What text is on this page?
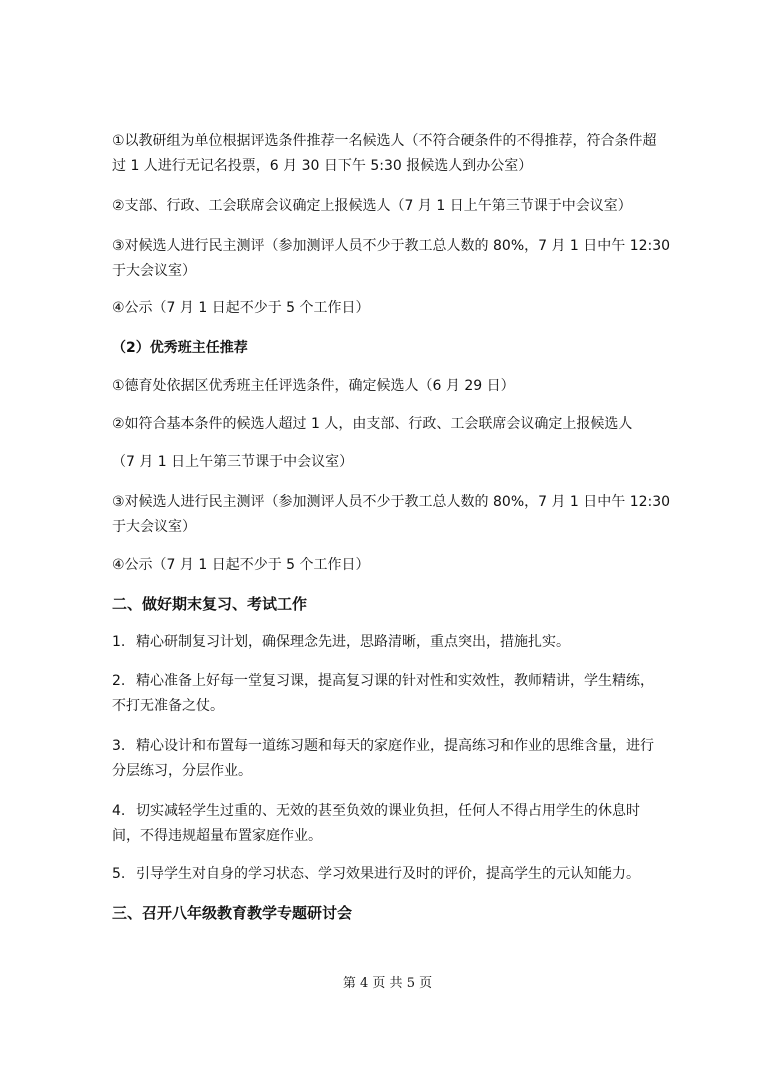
①以教研组为单位根据评选条件推荐一名候选人（不符合硬条件的不得推荐，符合条件超
过 1 人进行无记名投票，6 月 30 日下午 5:30 报候选人到办公室）
②支部、行政、工会联席会议确定上报候选人（7 月 1 日上午第三节课于中会议室）
③对候选人进行民主测评（参加测评人员不少于教工总人数的 80%，7 月 1 日中午 12:30
于大会议室）
④公示（7 月 1 日起不少于 5 个工作日）
（2）优秀班主任推荐
①德育处依据区优秀班主任评选条件，确定候选人（6 月 29 日）
②如符合基本条件的候选人超过 1 人，由支部、行政、工会联席会议确定上报候选人
（7 月 1 日上午第三节课于中会议室）
③对候选人进行民主测评（参加测评人员不少于教工总人数的 80%，7 月 1 日中午 12:30
于大会议室）
④公示（7 月 1 日起不少于 5 个工作日）
二、做好期末复习、考试工作
1. 精心研制复习计划，确保理念先进，思路清晰，重点突出，措施扎实。
2. 精心准备上好每一堂复习课，提高复习课的针对性和实效性，教师精讲，学生精练，
不打无准备之仗。
3. 精心设计和布置每一道练习题和每天的家庭作业，提高练习和作业的思维含量，进行
分层练习，分层作业。
4. 切实减轻学生过重的、无效的甚至负效的课业负担，任何人不得占用学生的休息时
间，不得违规超量布置家庭作业。
5. 引导学生对自身的学习状态、学习效果进行及时的评价，提高学生的元认知能力。
三、召开八年级教育教学专题研讨会
第 4 页 共 5 页
